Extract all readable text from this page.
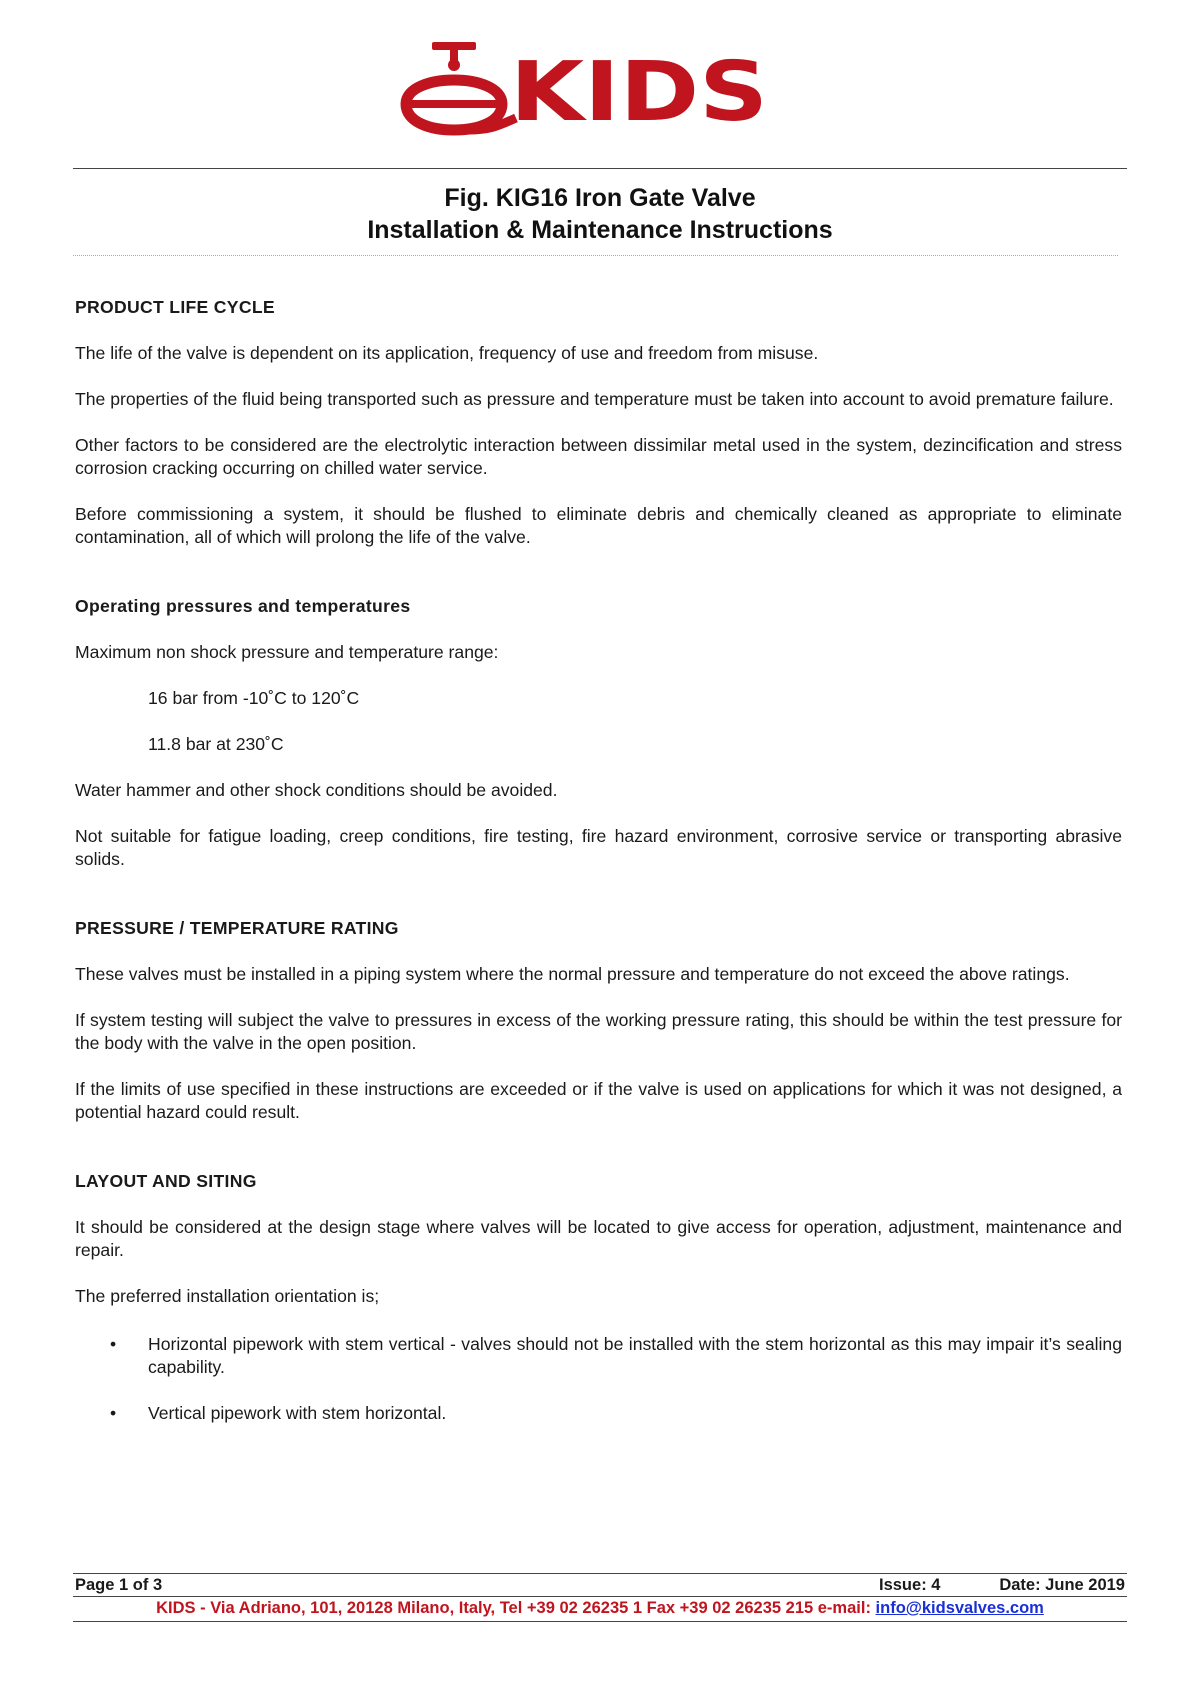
KIDS
Fig. KIG16 Iron Gate Valve
Installation & Maintenance Instructions
PRODUCT LIFE CYCLE

The life of the valve is dependent on its application, frequency of use and freedom from misuse.

The properties of the fluid being transported such as pressure and temperature must be taken into account to avoid premature failure.

Other factors to be considered are the electrolytic interaction between dissimilar metal used in the system, dezincification and stress corrosion cracking occurring on chilled water service.

Before commissioning a system, it should be flushed to eliminate debris and chemically cleaned as appropriate to eliminate contamination, all of which will prolong the life of the valve.

Operating pressures and temperatures

Maximum non shock pressure and temperature range:

16 bar from -10˚C to 120˚C

11.8 bar at 230˚C

Water hammer and other shock conditions should be avoided.

Not suitable for fatigue loading, creep conditions, fire testing, fire hazard environment, corrosive service or transporting abrasive solids.

PRESSURE / TEMPERATURE RATING

These valves must be installed in a piping system where the normal pressure and temperature do not exceed the above ratings.

If system testing will subject the valve to pressures in excess of the working pressure rating, this should be within the test pressure for the body with the valve in the open position.

If the limits of use specified in these instructions are exceeded or if the valve is used on applications for which it was not designed, a potential hazard could result.

LAYOUT AND SITING

It should be considered at the design stage where valves will be located to give access for operation, adjustment, maintenance and repair.

The preferred installation orientation is;

• Horizontal pipework with stem vertical - valves should not be installed with the stem horizontal as this may impair it’s sealing capability.

• Vertical pipework with stem horizontal.

Page 1 of 3	Issue: 4	Date: June 2019
KIDS - Via Adriano, 101, 20128 Milano, Italy, Tel +39 02 26235 1 Fax +39 02 26235 215 e-mail: info@kidsvalves.com
